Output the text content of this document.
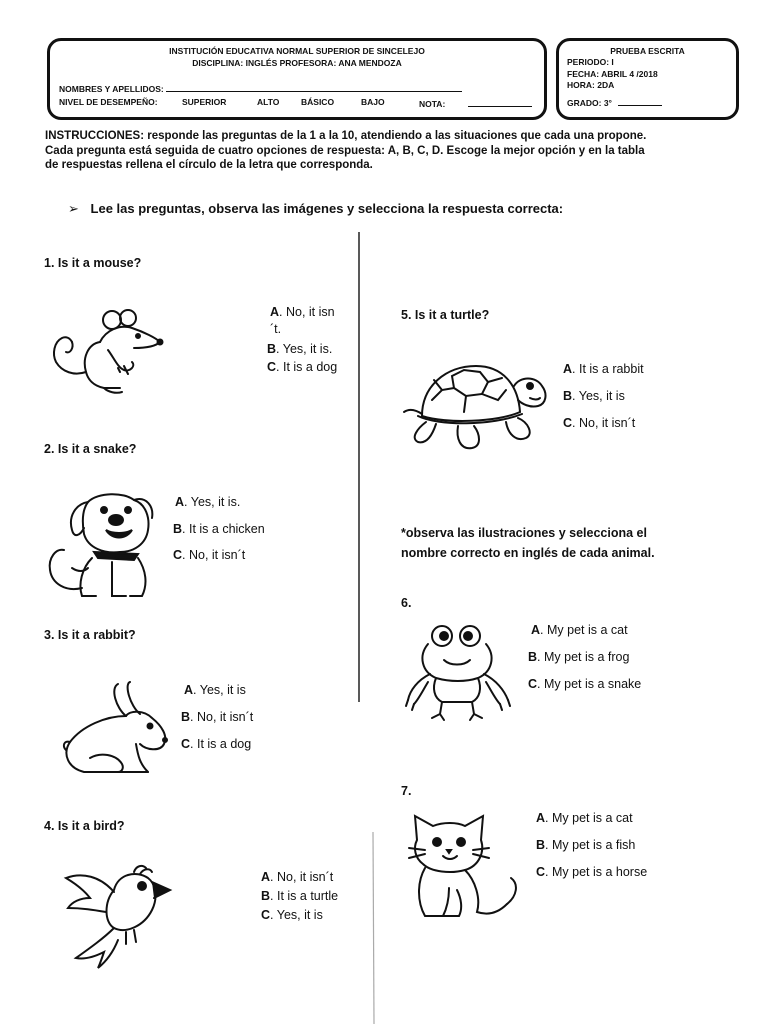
INSTITUCIÓN EDUCATIVA NORMAL SUPERIOR DE SINCELEJO
DISCIPLINA: INGLÉS PROFESORA: ANA MENDOZA
NOMBRES Y APELLIDOS:
NIVEL DE DESEMPEÑO:	SUPERIOR	ALTO	BÁSICO	BAJO	NOTA:
PRUEBA ESCRITA
PERIODO: I
FECHA: ABRIL 4 /2018
HORA: 2DA
GRADO: 3°
INSTRUCCIONES: responde las preguntas de la 1 a la 10, atendiendo a las situaciones que cada una propone.
Cada pregunta está seguida de cuatro opciones de respuesta: A, B, C, D. Escoge la mejor opción y en la tabla
de respuestas rellena el círculo de la letra que corresponda.
➢ Lee las preguntas, observa las imágenes y selecciona la respuesta correcta:
1. Is it a mouse?
A. No, it isn
´t.
B. Yes, it is.
C. It is a dog
2. Is it a snake?
A. Yes, it is.
B. It is a chicken
C. No, it isn´t
3. Is it a rabbit?
A. Yes, it is
B. No, it isn´t
C. It is a dog
4. Is it a bird?
A. No, it isn´t
B. It is a turtle
C. Yes, it is
5. Is it a turtle?
A. It is a rabbit
B. Yes, it is
C. No, it isn´t
*observa las ilustraciones y selecciona el
nombre correcto en inglés de cada animal.
6.
A. My pet is a cat
B. My pet is a frog
C. My pet is a snake
7.
A. My pet is a cat
B. My pet is a fish
C. My pet is a horse
